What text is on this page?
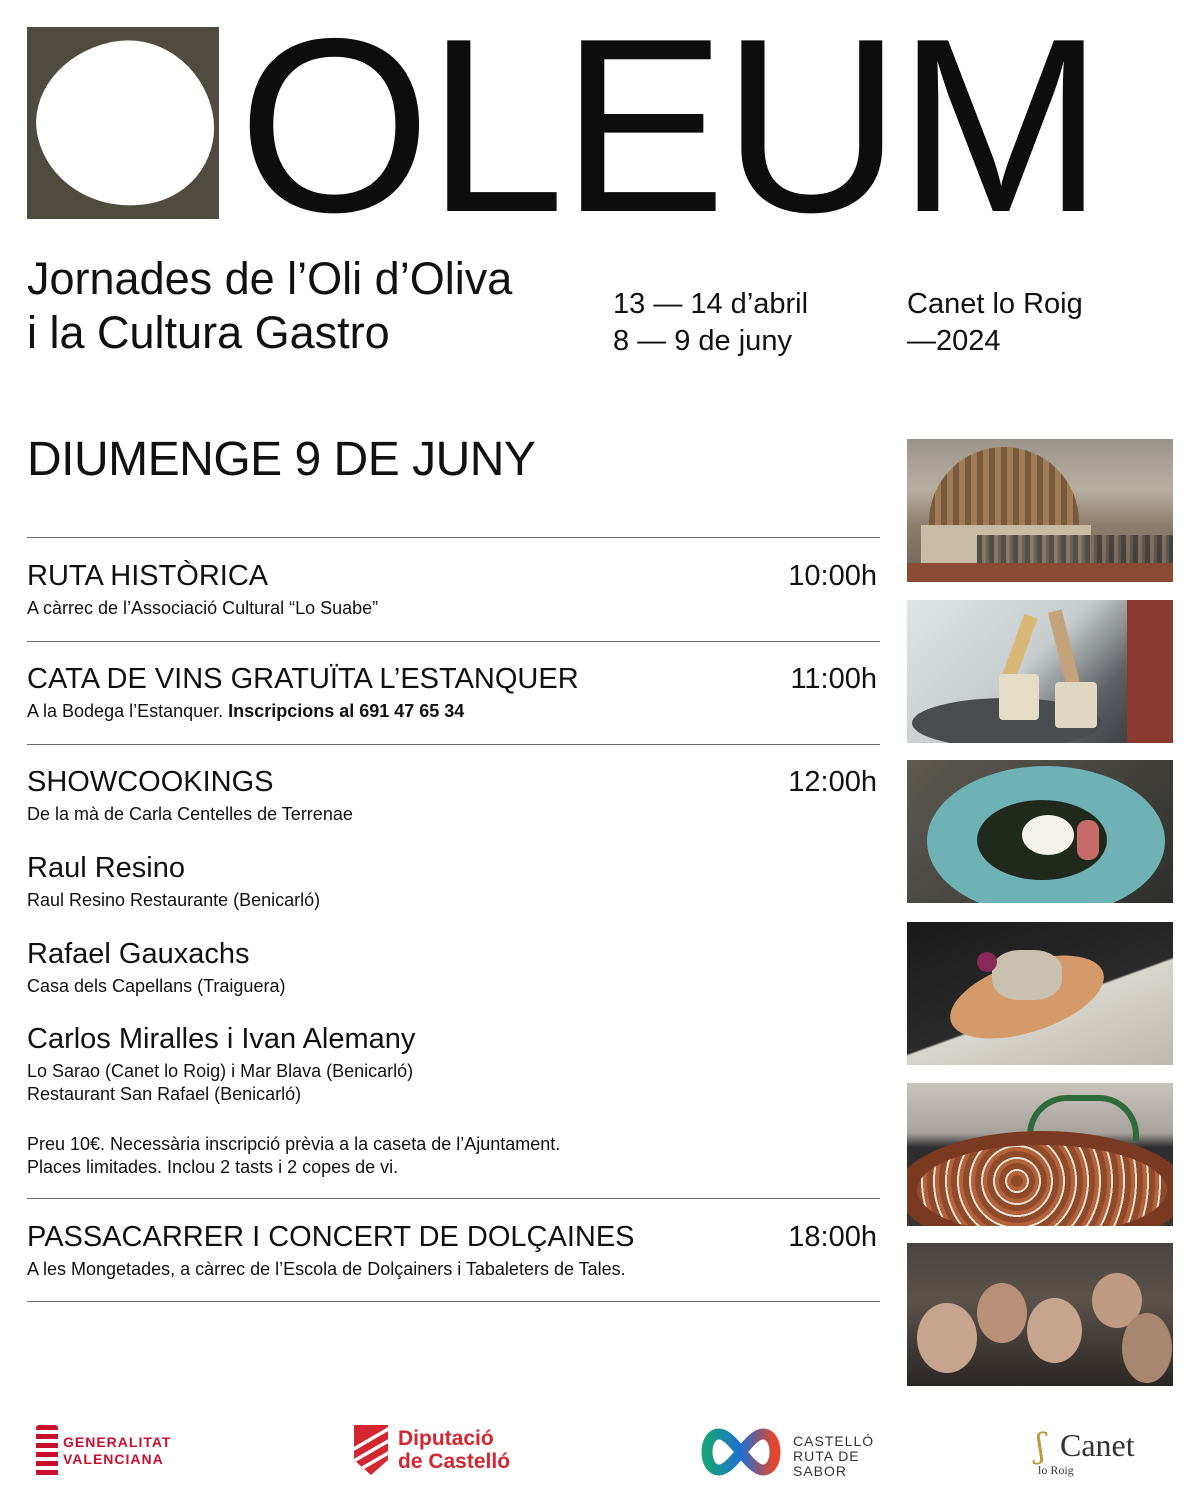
OLEUM
Jornades de l’Oli d’Oliva
i la Cultura Gastro
13 — 14 d’abril
8 — 9 de juny
Canet lo Roig
—2024
DIUMENGE 9 DE JUNY
RUTA HISTÒRICA	10:00h
A càrrec de l’Associació Cultural “Lo Suabe”
CATA DE VINS GRATUÏTA L’ESTANQUER	11:00h
A la Bodega l’Estanquer. Inscripcions al 691 47 65 34
SHOWCOOKINGS	12:00h
De la mà de Carla Centelles de Terrenae
Raul Resino
Raul Resino Restaurante (Benicarló)
Rafael Gauxachs
Casa dels Capellans (Traiguera)
Carlos Miralles i Ivan Alemany
Lo Sarao (Canet lo Roig) i Mar Blava (Benicarló)
Restaurant San Rafael (Benicarló)
Preu 10€. Necessària inscripció prèvia a la caseta de l’Ajuntament.
Places limitades. Inclou 2 tasts i 2 copes de vi.
PASSACARRER I CONCERT DE DOLÇAINES	18:00h
A les Mongetades, a càrrec de l’Escola de Dolçainers i Tabaleters de Tales.
GENERALITAT
VALENCIANA
Diputació
de Castelló
CASTELLÓ
RUTA DE
SABOR
ʃ Canet
lo Roig
